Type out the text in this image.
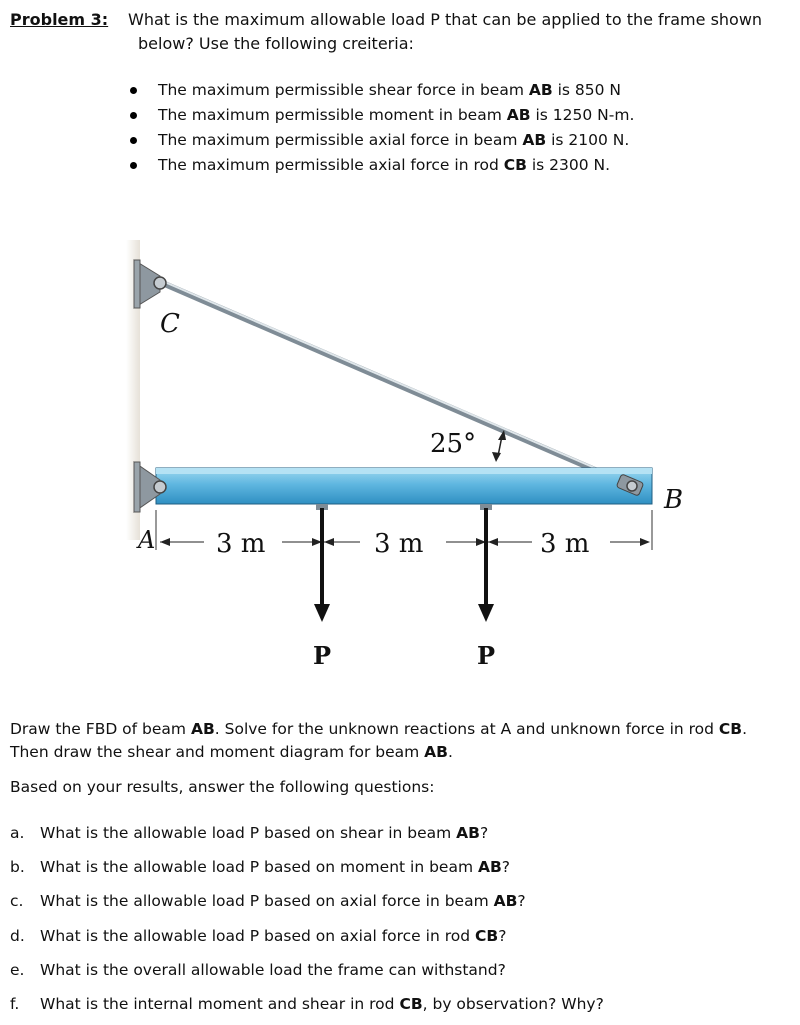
Problem 3: What is the maximum allowable load P that can be applied to the frame shown
below? Use the following creiteria:
The maximum permissible shear force in beam AB is 850 N
The maximum permissible moment in beam AB is 1250 N-m.
The maximum permissible axial force in beam AB is 2100 N.
The maximum permissible axial force in rod CB is 2300 N.
C
A
B
25°
3 m	3 m	3 m
P	P

Draw the FBD of beam AB. Solve for the unknown reactions at A and unknown force in rod CB.
Then draw the shear and moment diagram for beam AB.

Based on your results, answer the following questions:

a.	What is the allowable load P based on shear in beam AB?
b. What is the allowable load P based on moment in beam AB?
c.	What is the allowable load P based on axial force in beam AB?
d. What is the allowable load P based on axial force in rod CB?
e.	What is the overall allowable load the frame can withstand?
f.	What is the internal moment and shear in rod CB, by observation? Why?
